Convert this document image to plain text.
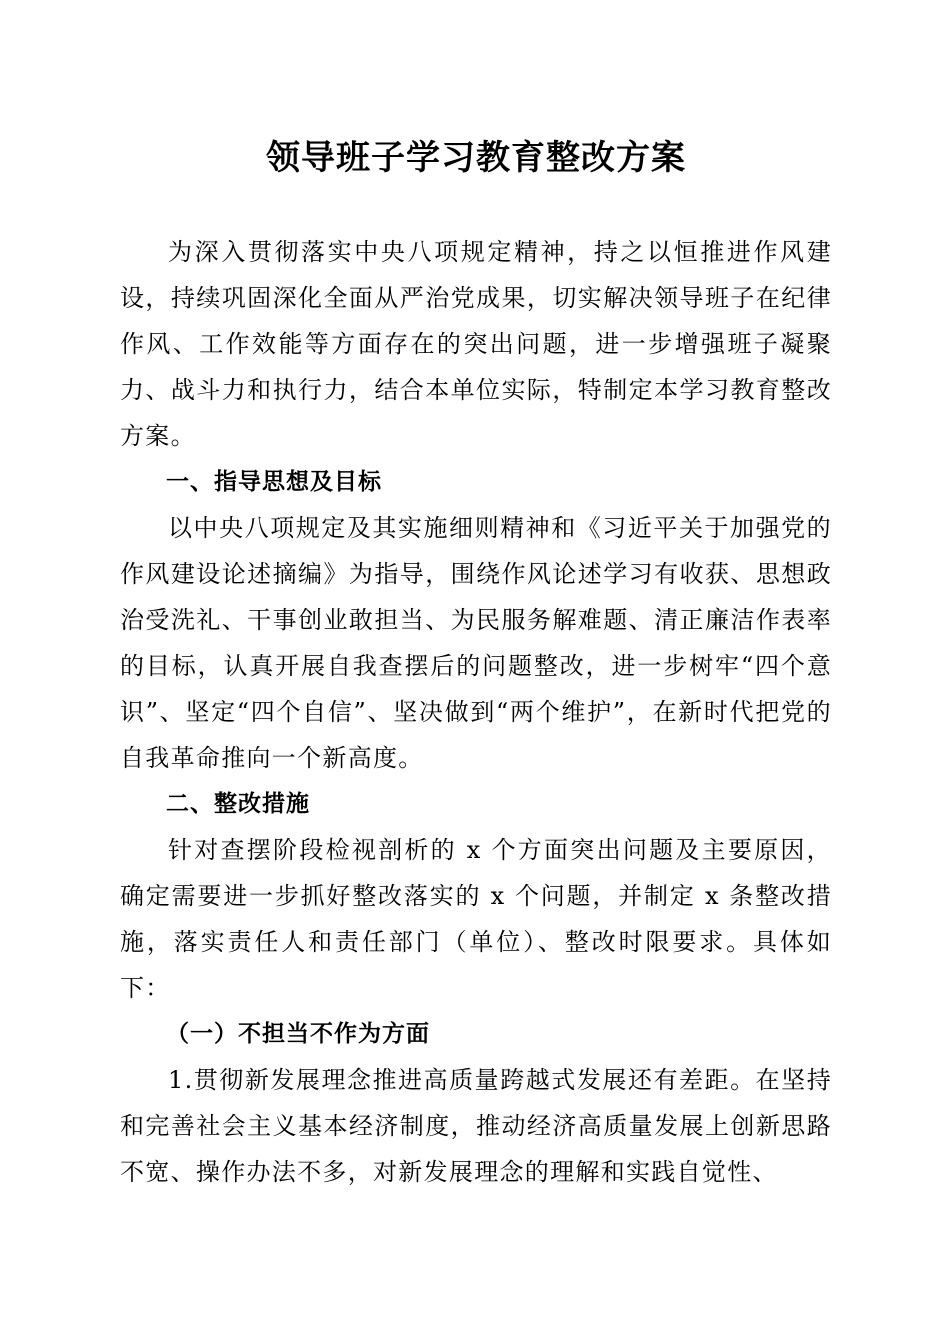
领导班子学习教育整改方案

为深入贯彻落实中央八项规定精神，持之以恒推进作风建设，持续巩固深化全面从严治党成果，切实解决领导班子在纪律作风、工作效能等方面存在的突出问题，进一步增强班子凝聚力、战斗力和执行力，结合本单位实际，特制定本学习教育整改方案。

一、指导思想及目标

以中央八项规定及其实施细则精神和《习近平关于加强党的作风建设论述摘编》为指导，围绕作风论述学习有收获、思想政治受洗礼、干事创业敢担当、为民服务解难题、清正廉洁作表率的目标，认真开展自我查摆后的问题整改，进一步树牢“四个意识”、坚定“四个自信”、坚决做到“两个维护”，在新时代把党的自我革命推向一个新高度。

二、整改措施

针对查摆阶段检视剖析的 x 个方面突出问题及主要原因，确定需要进一步抓好整改落实的 x 个问题，并制定 x 条整改措施，落实责任人和责任部门（单位）、整改时限要求。具体如下：

（一）不担当不作为方面

1.贯彻新发展理念推进高质量跨越式发展还有差距。在坚持和完善社会主义基本经济制度，推动经济高质量发展上创新思路不宽、操作办法不多，对新发展理念的理解和实践自觉性、
